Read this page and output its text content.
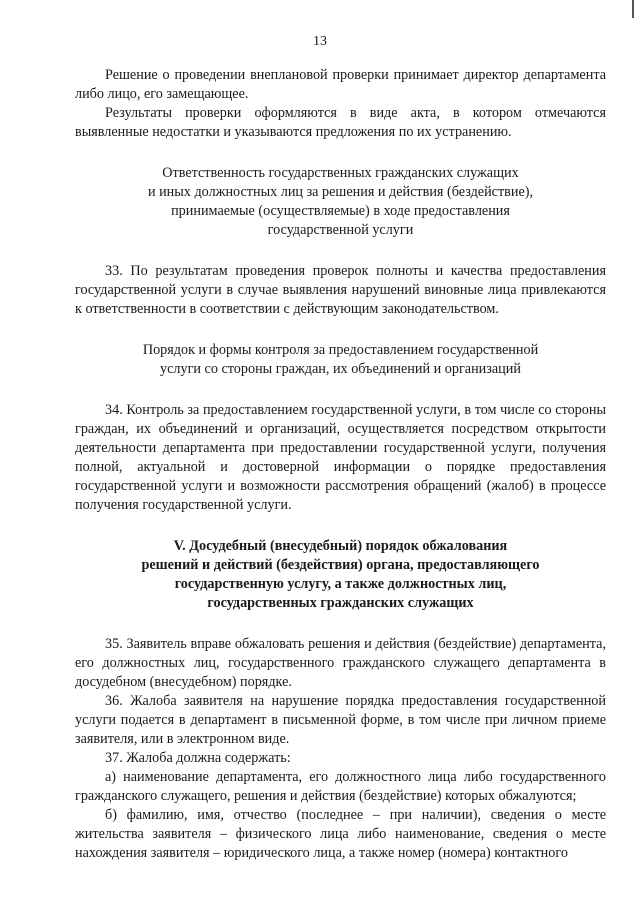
13

Решение о проведении внеплановой проверки принимает директор департамента либо лицо, его замещающее.

Результаты проверки оформляются в виде акта, в котором отмечаются выявленные недостатки и указываются предложения по их устранению.

Ответственность государственных гражданских служащих

и иных должностных лиц за решения и действия (бездействие),

принимаемые (осуществляемые) в ходе предоставления

государственной услуги

33. По результатам проведения проверок полноты и качества предоставления государственной услуги в случае выявления нарушений виновные лица привлекаются к ответственности в соответствии с действующим законодательством.

Порядок и формы контроля за предоставлением государственной

услуги со стороны граждан, их объединений и организаций

34. Контроль за предоставлением государственной услуги, в том числе со стороны граждан, их объединений и организаций, осуществляется посредством открытости деятельности департамента при предоставлении государственной услуги, получения полной, актуальной и достоверной информации о порядке предоставления государственной услуги и возможности рассмотрения обращений (жалоб) в процессе получения государственной услуги.

V. Досудебный (внесудебный) порядок обжалования

решений и действий (бездействия) органа, предоставляющего

государственную услугу, а также должностных лиц,

государственных гражданских служащих

35. Заявитель вправе обжаловать решения и действия (бездействие) департамента, его должностных лиц, государственного гражданского служащего департамента в досудебном (внесудебном) порядке.

36. Жалоба заявителя на нарушение порядка предоставления государственной услуги подается в департамент в письменной форме, в том числе при личном приеме заявителя, или в электронном виде.

37. Жалоба должна содержать:

а) наименование департамента, его должностного лица либо государственного гражданского служащего, решения и действия (бездействие) которых обжалуются;

б) фамилию, имя, отчество (последнее – при наличии), сведения о месте жительства заявителя – физического лица либо наименование, сведения о месте нахождения заявителя – юридического лица, а также номер (номера) контактного
